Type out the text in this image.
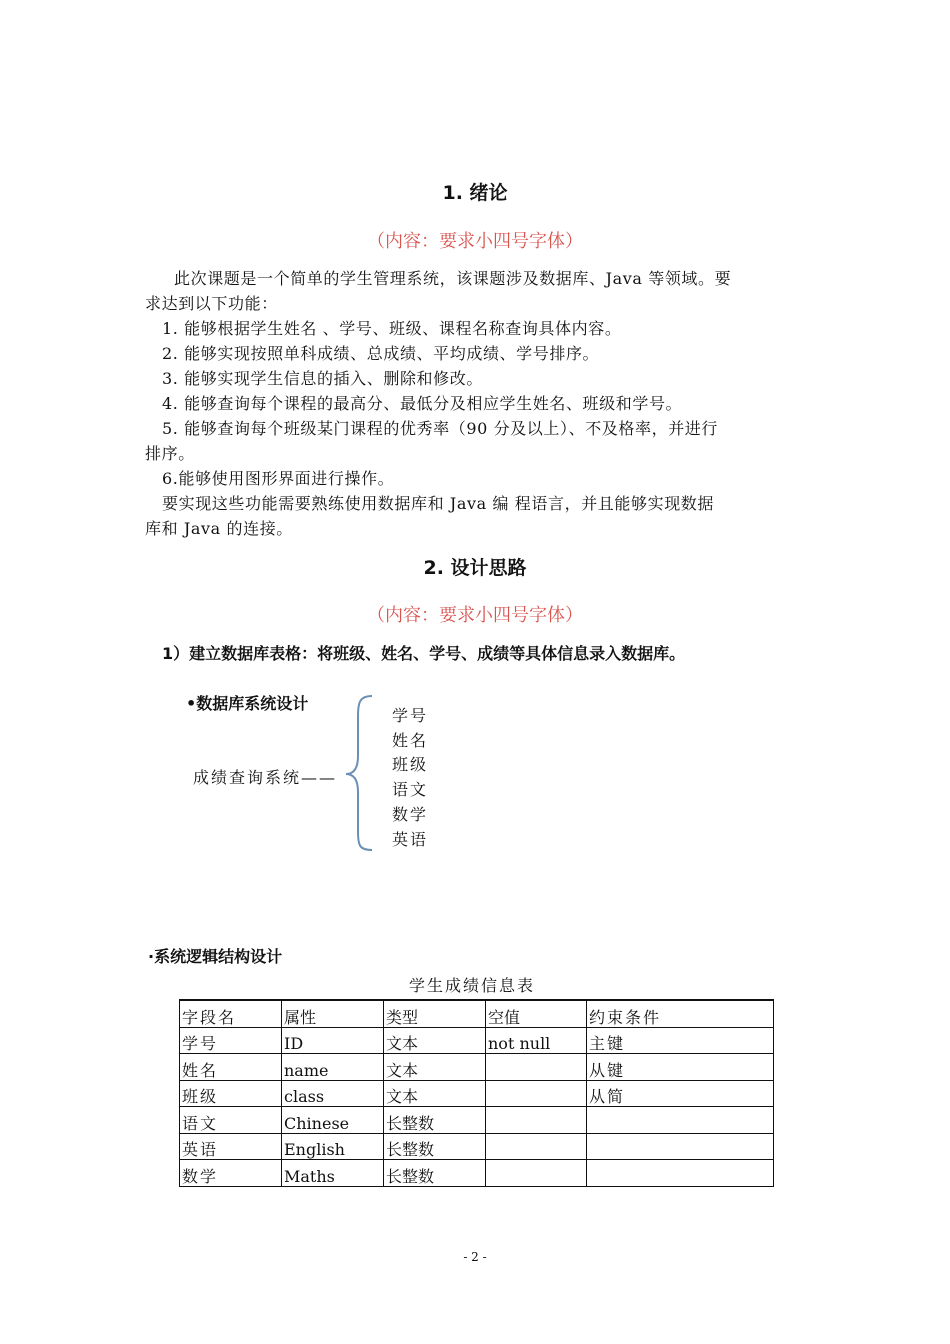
1. 绪论
（内容：要求小四号字体）
此次课题是一个简单的学生管理系统，该课题涉及数据库、Java 等领域。要
求达到以下功能：
1. 能够根据学生姓名 、学号、班级、课程名称查询具体内容。
2. 能够实现按照单科成绩、总成绩、平均成绩、学号排序。
3. 能够实现学生信息的插入、删除和修改。
4. 能够查询每个课程的最高分、最低分及相应学生姓名、班级和学号。
5. 能够查询每个班级某门课程的优秀率（90 分及以上）、不及格率，并进行
排序。
6.能够使用图形界面进行操作。
要实现这些功能需要熟练使用数据库和 Java 编 程语言，并且能够实现数据
库和 Java 的连接。
2. 设计思路
（内容：要求小四号字体）
1）建立数据库表格：将班级、姓名、学号、成绩等具体信息录入数据库。
•数据库系统设计
成绩查询系统——
学号
姓名
班级
语文
数学
英语
·系统逻辑结构设计
学生成绩信息表
字段名	属性	类型	空值	约束条件
学号	ID	文本	not null	主键
姓名	name	文本		从键
班级	class	文本		从简
语文	Chinese	长整数		
英语	English	长整数		
数学	Maths	长整数		
- 2 -
